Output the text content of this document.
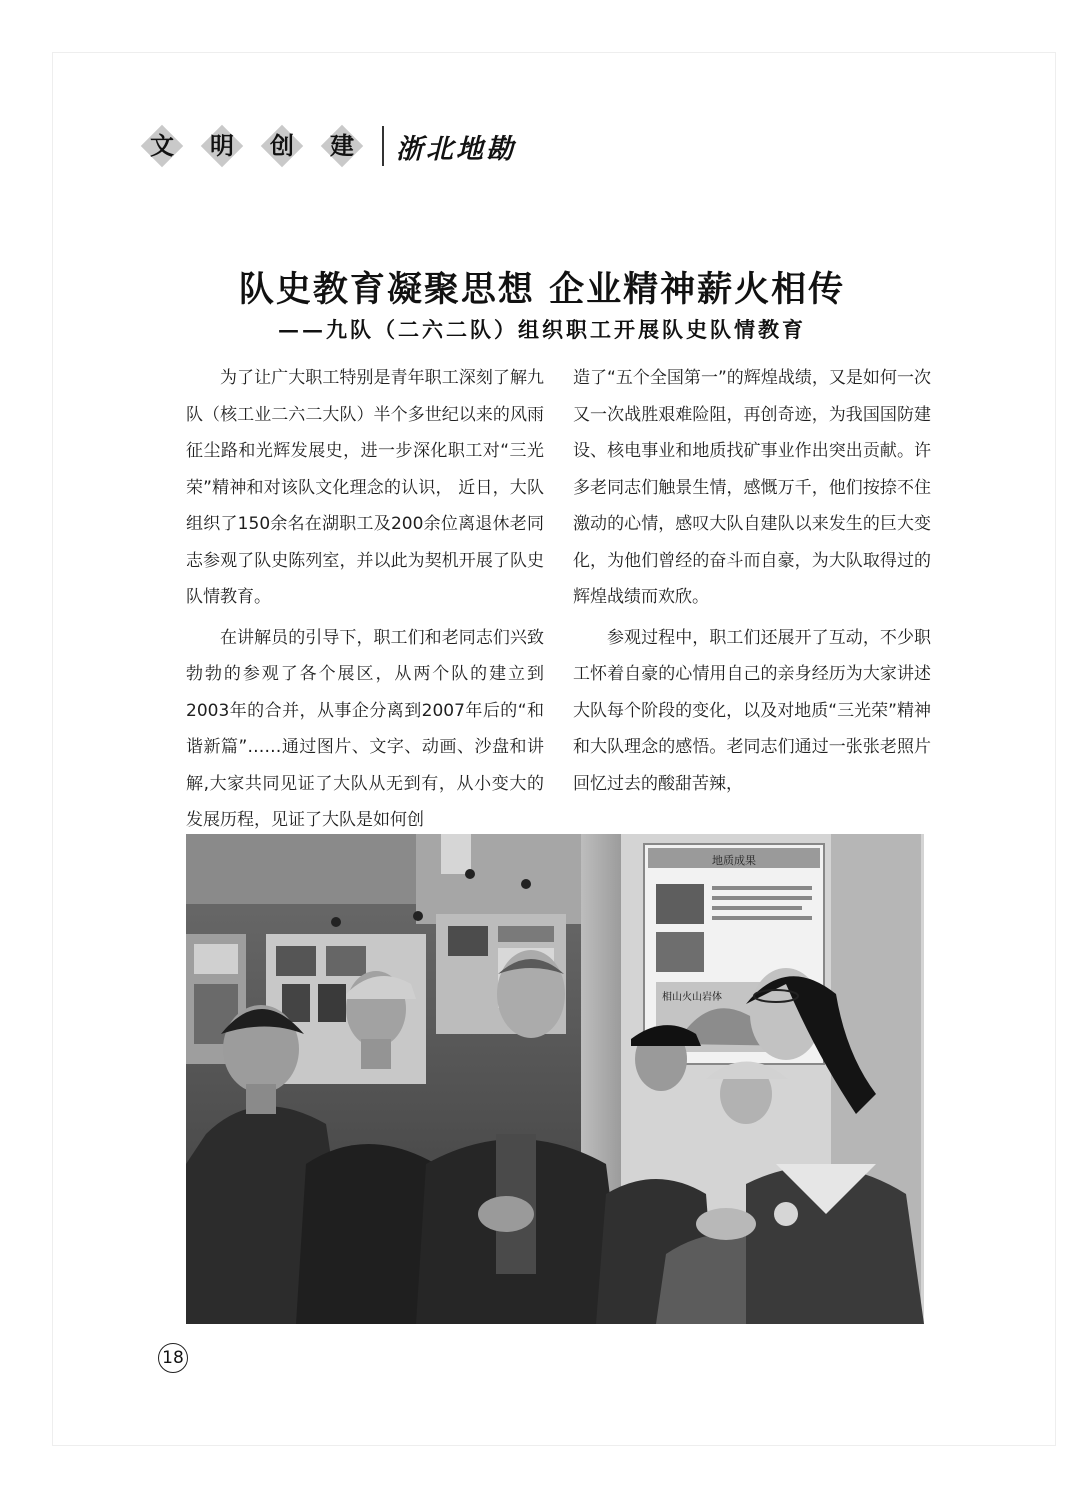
文	明	创	建	浙北地勘
队史教育凝聚思想 企业精神薪火相传
——九队（二六二队）组织职工开展队史队情教育

为了让广大职工特别是青年职工深刻了解九队（核工业二六二大队）半个多世纪以来的风雨征尘路和光辉发展史，进一步深化职工对“三光荣”精神和对该队文化理念的认识， 近日，大队组织了150余名在湖职工及200余位离退休老同志参观了队史陈列室，并以此为契机开展了队史队情教育。

在讲解员的引导下，职工们和老同志们兴致勃勃的参观了各个展区，从两个队的建立到2003年的合并，从事企分离到2007年后的“和谐新篇”……通过图片、文字、动画、沙盘和讲解,大家共同见证了大队从无到有，从小变大的发展历程，见证了大队是如何创

造了“五个全国第一”的辉煌战绩，又是如何一次又一次战胜艰难险阻，再创奇迹，为我国国防建设、核电事业和地质找矿事业作出突出贡献。许多老同志们触景生情，感慨万千，他们按捺不住激动的心情，感叹大队自建队以来发生的巨大变化，为他们曾经的奋斗而自豪，为大队取得过的辉煌战绩而欢欣。

参观过程中，职工们还展开了互动，不少职工怀着自豪的心情用自己的亲身经历为大家讲述大队每个阶段的变化，以及对地质“三光荣”精神和大队理念的感悟。老同志们通过一张张老照片回忆过去的酸甜苦辣，

地质成果
相山火山岩体
18
